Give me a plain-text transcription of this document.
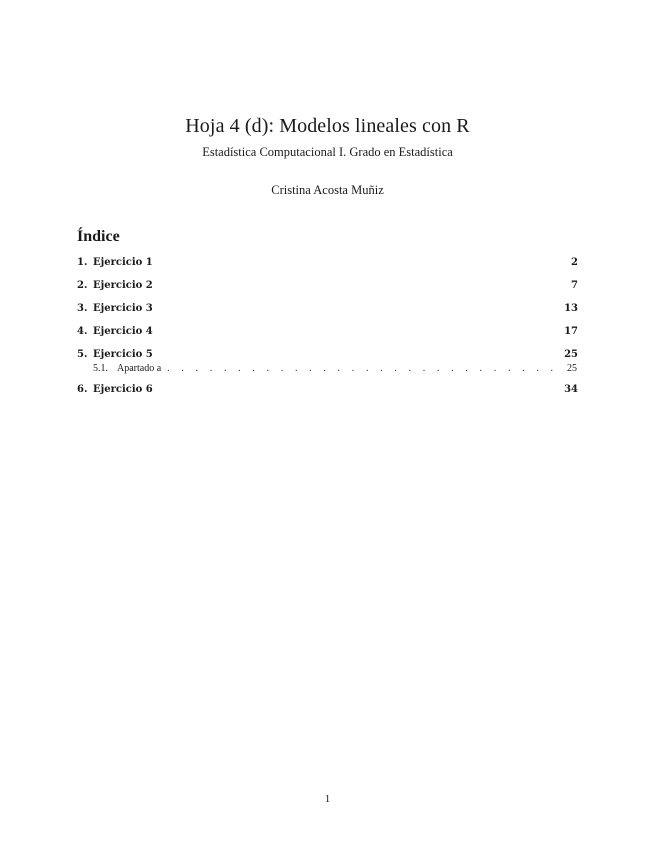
Hoja 4 (d): Modelos lineales con R
Estadística Computacional I. Grado en Estadística
Cristina Acosta Muñiz
Índice
1. Ejercicio 1	2
2. Ejercicio 2	7
3. Ejercicio 3	13
4. Ejercicio 4	17
5. Ejercicio 5	25
5.1. Apartado a . . .	25
6. Ejercicio 6	34
1
